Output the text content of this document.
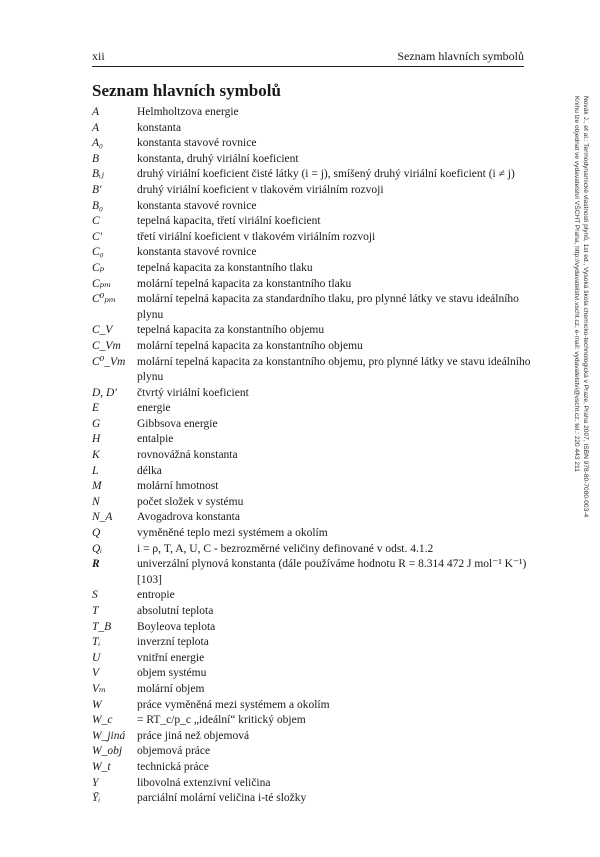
xii	Seznam hlavních symbolů
Seznam hlavních symbolů
A	Helmholtzova energie
A	konstanta
A₀	konstanta stavové rovnice
B	konstanta, druhý viriální koeficient
Bᵢⱼ	druhý viriální koeficient čisté látky (i = j), smíšený druhý viriální koeficient (i ≠ j)
B′	druhý viriální koeficient v tlakovém viriálním rozvoji
B₀	konstanta stavové rovnice
C	tepelná kapacita, třetí viriální koeficient
C′	třetí viriální koeficient v tlakovém viriálním rozvoji
C₀	konstanta stavové rovnice
Cₚ	tepelná kapacita za konstantního tlaku
Cₚₘ	molární tepelná kapacita za konstantního tlaku
C⁰ₚₘ	molární tepelná kapacita za standardního tlaku, pro plynné látky ve stavu ideálního plynu
C_V	tepelná kapacita za konstantního objemu
C_Vm	molární tepelná kapacita za konstantního objemu
C⁰_Vm	molární tepelná kapacita za konstantního objemu, pro plynné látky ve stavu ideálního plynu
D, D′	čtvrtý viriální koeficient
E	energie
G	Gibbsova energie
H	entalpie
K	rovnovážná konstanta
L	délka
M	molární hmotnost
N	počet složek v systému
N_A	Avogadrova konstanta
Q	vyměněné teplo mezi systémem a okolím
Qᵢ	i = ρ, T, A, U, C - bezrozměrné veličiny definované v odst. 4.1.2
R	univerzální plynová konstanta (dále používáme hodnotu R = 8.314 472 J mol⁻¹ K⁻¹) [103]
S	entropie
T	absolutní teplota
T_B	Boyleova teplota
Tᵢ	inverzní teplota
U	vnitřní energie
V	objem systému
Vₘ	molární objem
W	práce vyměněná mezi systémem a okolím
W_c	= RT_c/p_c „ideální“ kritický objem
W_jiná	práce jiná než objemová
W_obj	objemová práce
W_t	technická práce
Y	libovolná extenzivní veličina
Ȳᵢ	parciální molární veličina i-té složky
Novák J., et al.: Termodynamické vlastnosti plynů, 1st ed., Vysoká škola chemicko-technologická v Praze, Praha 2007, ISBN 978-80-7080-003-4
Knihu lze objednat ve vydavatelství VŠCHT Praha, http://vydavatelstvi.vscht.cz, e-mail: vydavatelstvi@vscht.cz, tel.: 220 443 211
